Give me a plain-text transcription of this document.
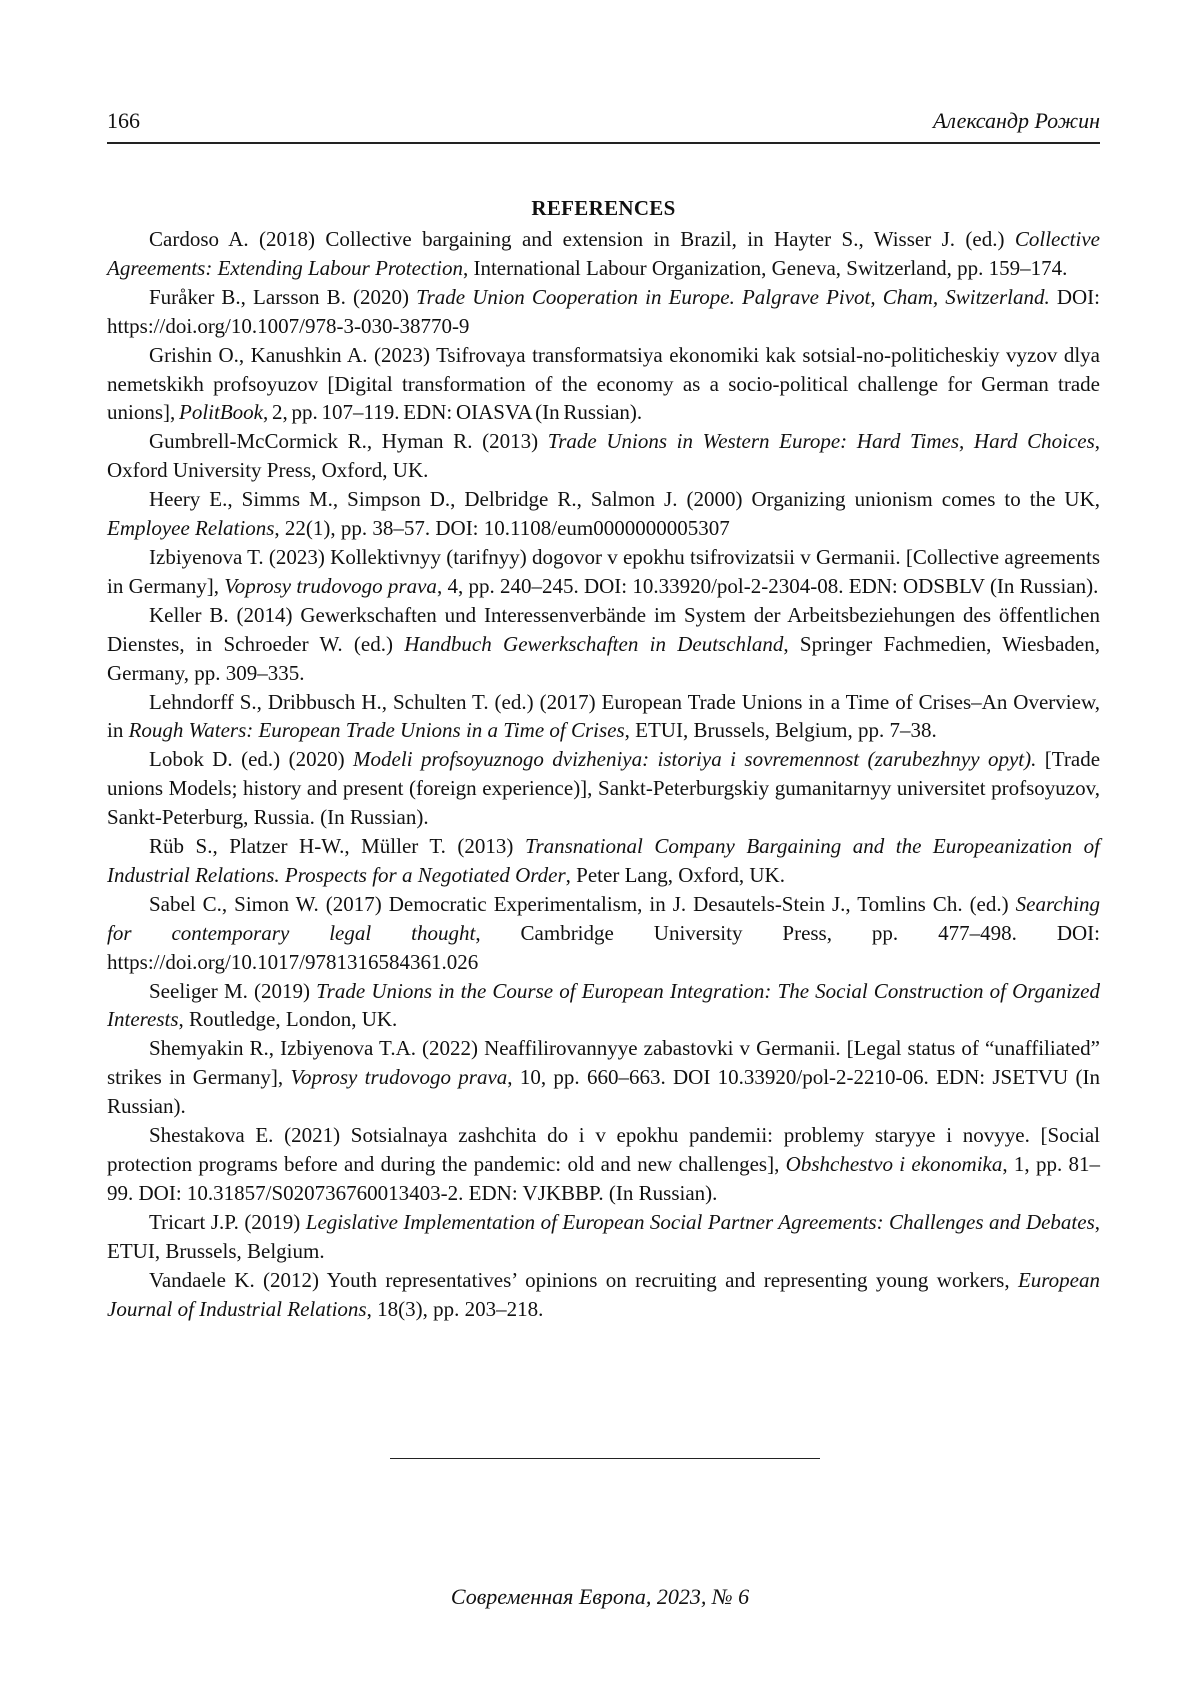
166	Александр Рожин
REFERENCES

Cardoso A. (2018) Collective bargaining and extension in Brazil, in Hayter S., Wisser J. (ed.) Collective Agreements: Extending Labour Protection, International Labour Organization, Geneva, Switzerland, pp. 159–174.

Furåker B., Larsson B. (2020) Trade Union Cooperation in Europe. Palgrave Pivot, Cham, Switzerland. DOI: https://doi.org/10.1007/978-3-030-38770-9

Grishin O., Kanushkin A. (2023) Tsifrovaya transformatsiya ekonomiki kak sotsial-no-politicheskiy vyzov dlya nemetskikh profsoyuzov [Digital transformation of the economy as a socio-political challenge for German trade unions], PolitBook, 2, pp. 107–119. EDN: OIASVA (In Russian).

Gumbrell-McCormick R., Hyman R. (2013) Trade Unions in Western Europe: Hard Times, Hard Choices, Oxford University Press, Oxford, UK.

Heery E., Simms M., Simpson D., Delbridge R., Salmon J. (2000) Organizing unionism comes to the UK, Employee Relations, 22(1), pp. 38–57. DOI: 10.1108/eum0000000005307

Izbiyenova T. (2023) Kollektivnyy (tarifnyy) dogovor v epokhu tsifrovizatsii v Germanii. [Collective agreements in Germany], Voprosy trudovogo prava, 4, pp. 240–245. DOI: 10.33920/pol-2-2304-08. EDN: ODSBLV (In Russian).

Keller B. (2014) Gewerkschaften und Interessenverbände im System der Arbeitsbeziehungen des öffentlichen Dienstes, in Schroeder W. (ed.) Handbuch Gewerkschaften in Deutschland, Springer Fachmedien, Wiesbaden, Germany, pp. 309–335.

Lehndorff S., Dribbusch H., Schulten T. (ed.) (2017) European Trade Unions in a Time of Crises–An Overview, in Rough Waters: European Trade Unions in a Time of Crises, ETUI, Brussels, Belgium, pp. 7–38.

Lobok D. (ed.) (2020) Modeli profsoyuznogo dvizheniya: istoriya i sovremennost (zarubezhnyy opyt). [Trade unions Models; history and present (foreign experience)], Sankt-Peterburgskiy gumanitarnyy universitet profsoyuzov, Sankt-Peterburg, Russia. (In Russian).

Rüb S., Platzer H-W., Müller T. (2013) Transnational Company Bargaining and the Europeanization of Industrial Relations. Prospects for a Negotiated Order, Peter Lang, Oxford, UK.

Sabel C., Simon W. (2017) Democratic Experimentalism, in J. Desautels-Stein J., Tomlins Ch. (ed.) Searching for contemporary legal thought, Cambridge University Press, pp. 477–498. DOI: https://doi.org/10.1017/9781316584361.026

Seeliger M. (2019) Trade Unions in the Course of European Integration: The Social Construction of Organized Interests, Routledge, London, UK.

Shemyakin R., Izbiyenova T.A. (2022) Neaffilirovannyye zabastovki v Germanii. [Legal status of “unaffiliated” strikes in Germany], Voprosy trudovogo prava, 10, pp. 660–663. DOI 10.33920/pol-2-2210-06. EDN: JSETVU (In Russian).

Shestakova E. (2021) Sotsialnaya zashchita do i v epokhu pandemii: problemy staryye i novyye. [Social protection programs before and during the pandemic: old and new challenges], Obshchestvo i ekonomika, 1, pp. 81–99. DOI: 10.31857/S020736760013403-2. EDN: VJKBBP. (In Russian).

Tricart J.P. (2019) Legislative Implementation of European Social Partner Agreements: Challenges and Debates, ETUI, Brussels, Belgium.

Vandaele K. (2012) Youth representatives’ opinions on recruiting and representing young workers, European Journal of Industrial Relations, 18(3), pp. 203–218.

Современная Европа, 2023, № 6
